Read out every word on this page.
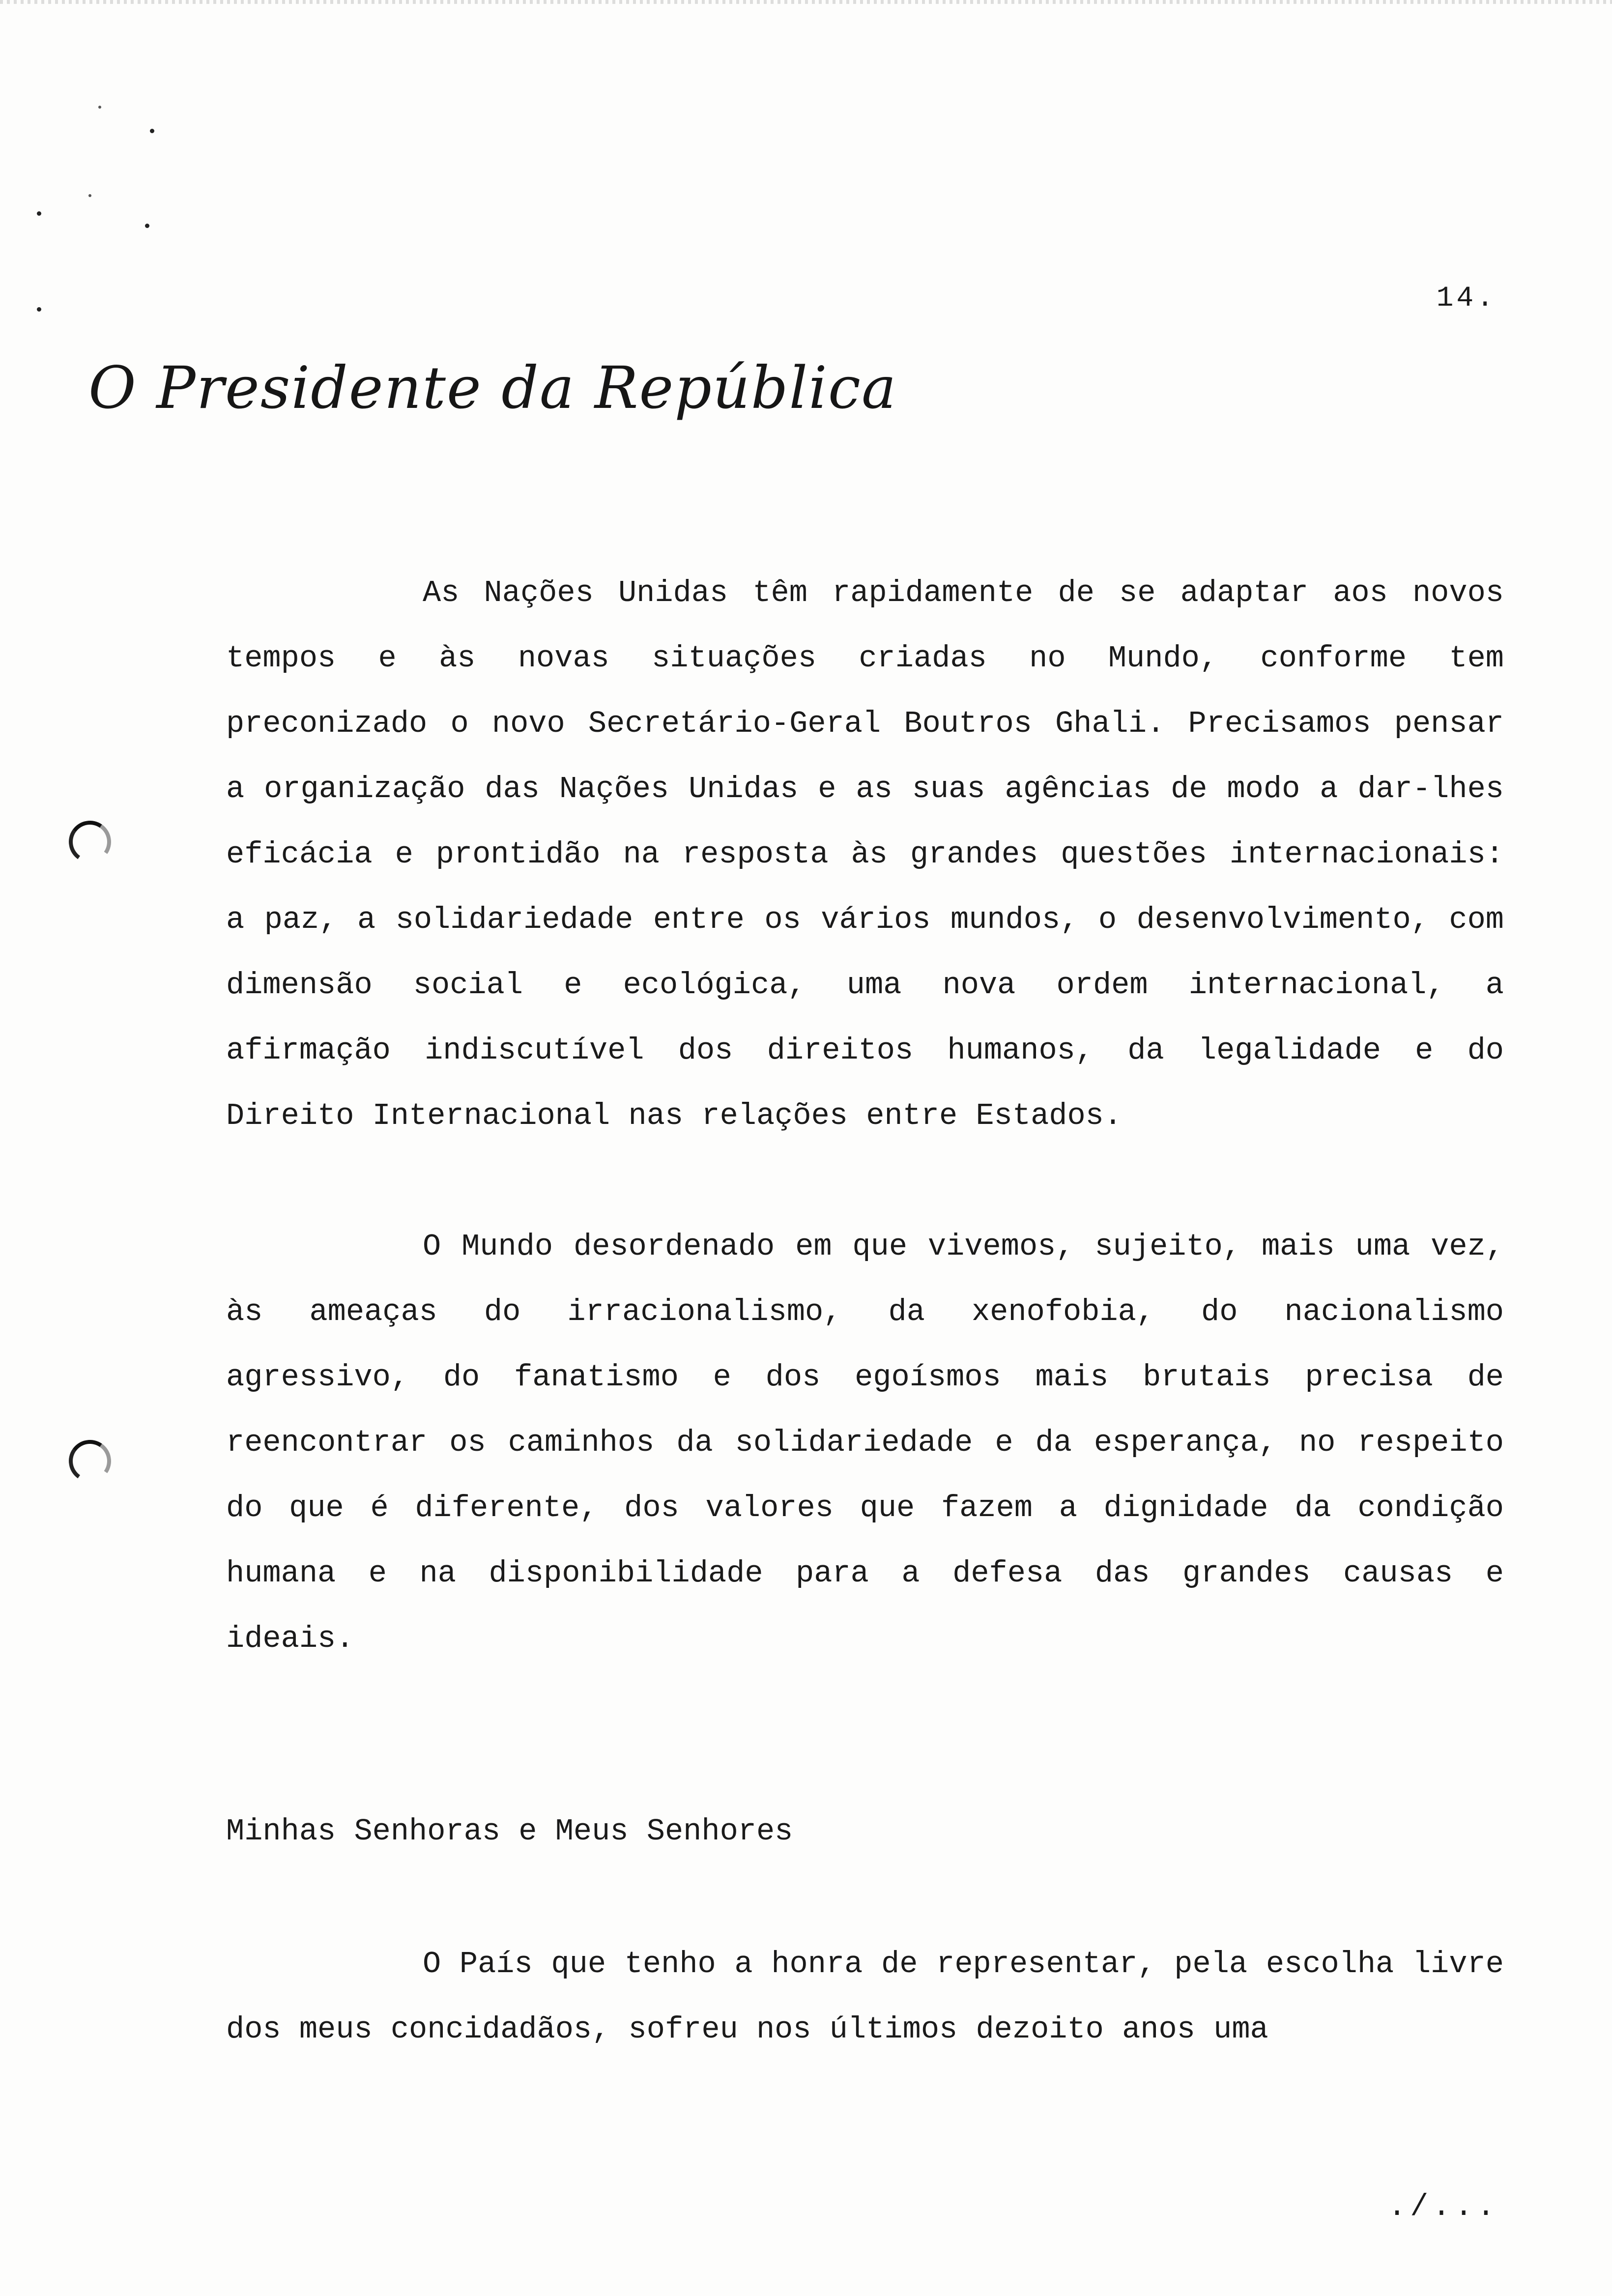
14.
O Presidente da República

As Nações Unidas têm rapidamente de se adaptar aos novos tempos e às novas situações criadas no Mundo, conforme tem preconizado o novo Secretário-Geral Boutros Ghali. Precisamos pensar a organização das Nações Unidas e as suas agências de modo a dar-lhes eficácia e prontidão na resposta às grandes questões internacionais: a paz, a solidariedade entre os vários mundos, o desenvolvimento, com dimensão social e ecológica, uma nova ordem internacional, a afirmação indiscutível dos direitos humanos, da legalidade e do Direito Internacional nas relações entre Estados.

O Mundo desordenado em que vivemos, sujeito, mais uma vez, às ameaças do irracionalismo, da xenofobia, do nacionalismo agressivo, do fanatismo e dos egoísmos mais brutais precisa de reencontrar os caminhos da solidariedade e da esperança, no respeito do que é diferente, dos valores que fazem a dignidade da condição humana e na disponibilidade para a defesa das grandes causas e ideais.

Minhas Senhoras e Meus Senhores

O País que tenho a honra de representar, pela escolha livre dos meus concidadãos, sofreu nos últimos dezoito anos uma

./...
